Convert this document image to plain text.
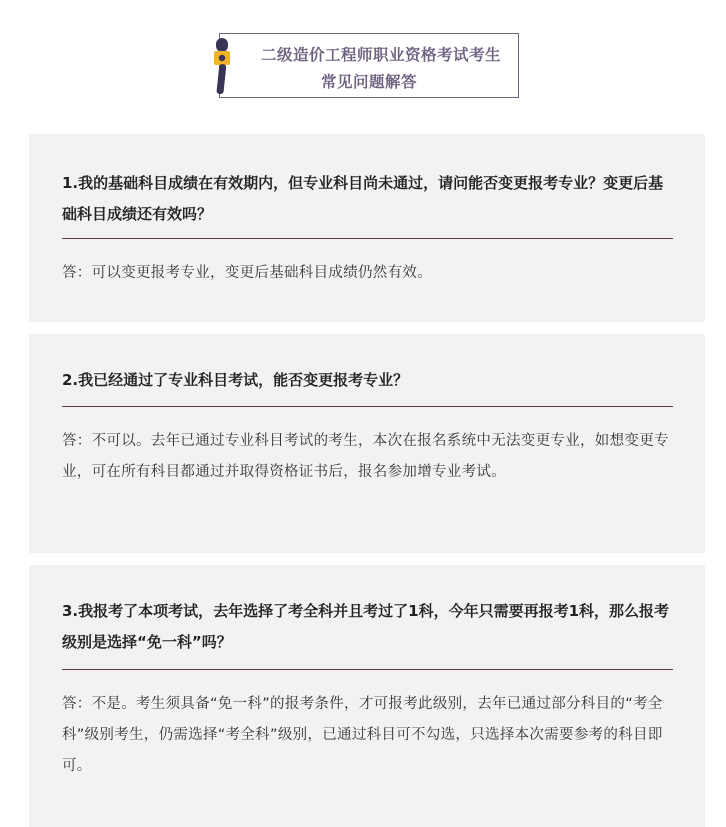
二级造价工程师职业资格考试考生
常见问题解答
1.我的基础科目成绩在有效期内，但专业科目尚未通过，请问能否变更报考专业？变更后基础科目成绩还有效吗？
答：可以变更报考专业，变更后基础科目成绩仍然有效。
2.我已经通过了专业科目考试，能否变更报考专业？
答：不可以。去年已通过专业科目考试的考生，本次在报名系统中无法变更专业，如想变更专业，可在所有科目都通过并取得资格证书后，报名参加增专业考试。
3.我报考了本项考试，去年选择了考全科并且考过了1科，今年只需要再报考1科，那么报考级别是选择“免一科”吗？
答：不是。考生须具备“免一科”的报考条件，才可报考此级别，去年已通过部分科目的“考全科”级别考生，仍需选择“考全科”级别，已通过科目可不勾选，只选择本次需要参考的科目即可。
